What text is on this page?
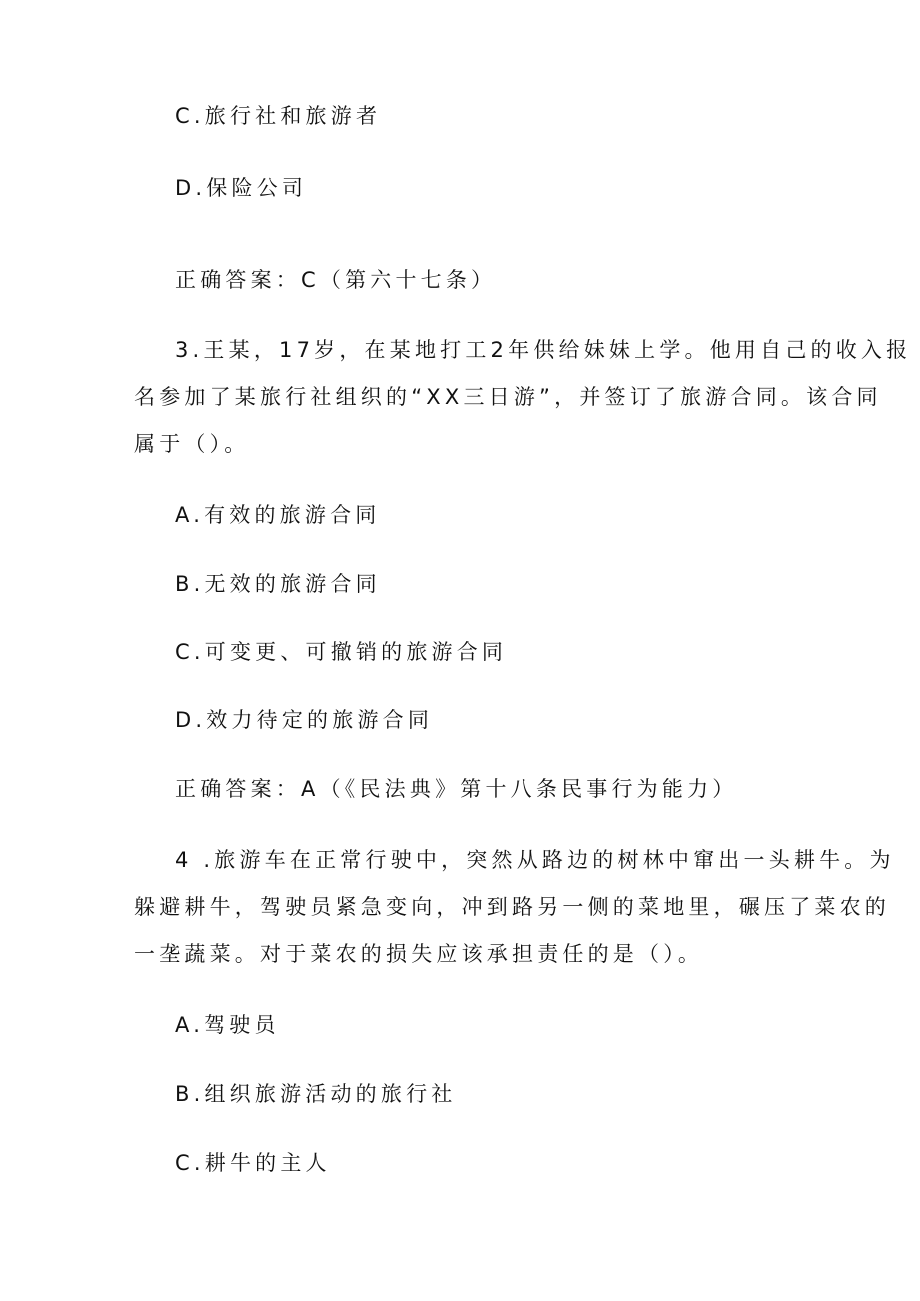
C.旅行社和旅游者
D.保险公司
正确答案：C（第六十七条）
3.王某，17岁，在某地打工2年供给妹妹上学。他用自己的收入报
名参加了某旅行社组织的“XX三日游”，并签订了旅游合同。该合同
属于（）。
A.有效的旅游合同
B.无效的旅游合同
C.可变更、可撤销的旅游合同
D.效力待定的旅游合同
正确答案：A（《民法典》第十八条民事行为能力）
4 .旅游车在正常行驶中，突然从路边的树林中窜出一头耕牛。为
躲避耕牛，驾驶员紧急变向，冲到路另一侧的菜地里，碾压了菜农的
一垄蔬菜。对于菜农的损失应该承担责任的是（）。
A.驾驶员
B.组织旅游活动的旅行社
C.耕牛的主人
